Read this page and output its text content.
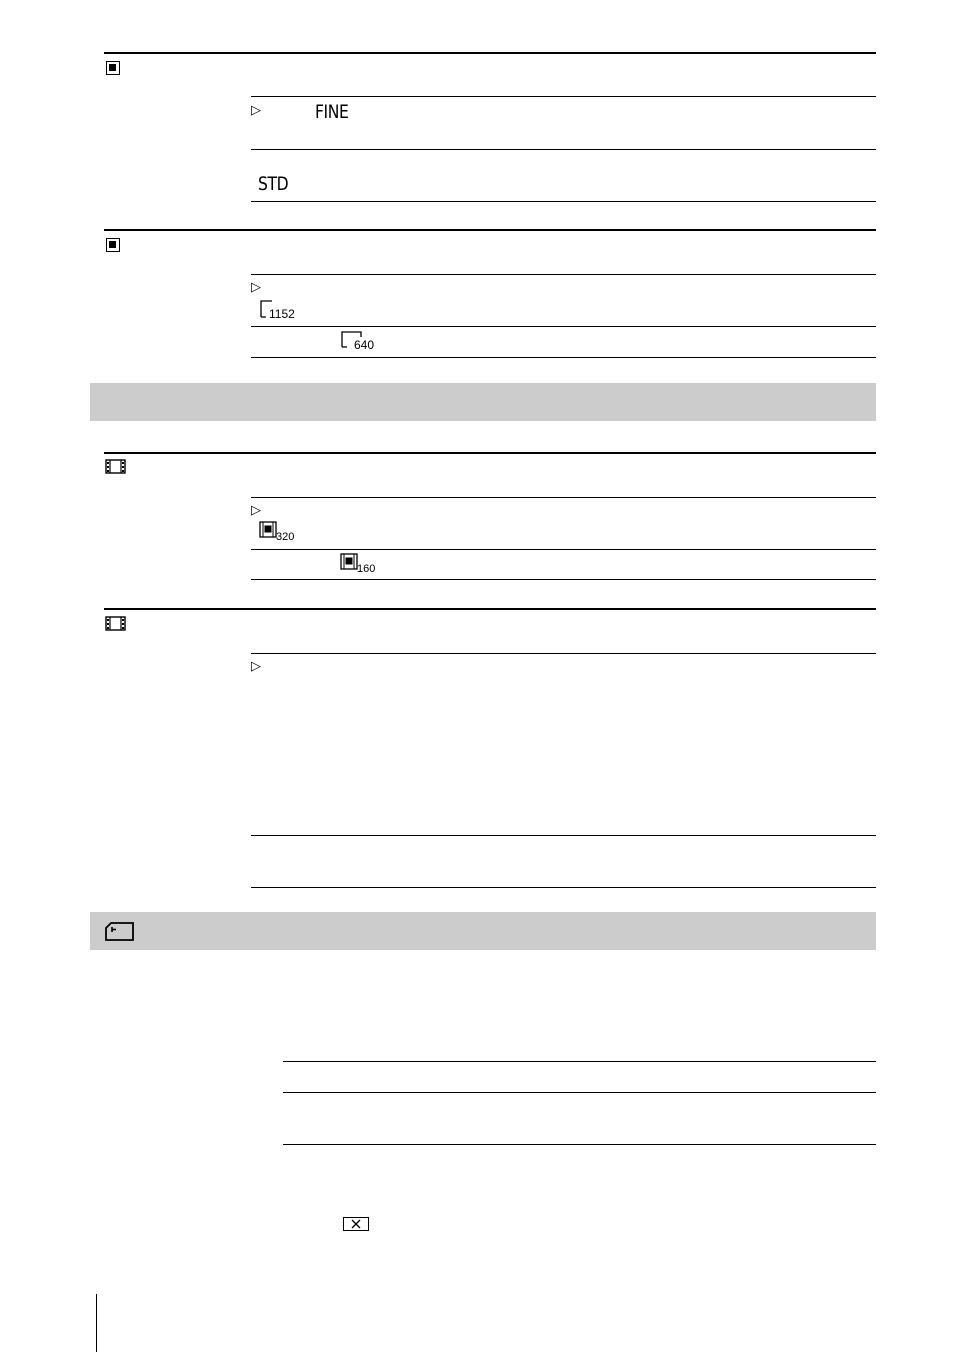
▷	FINE
STD
▷
1152
640
▷
320
160
▷
